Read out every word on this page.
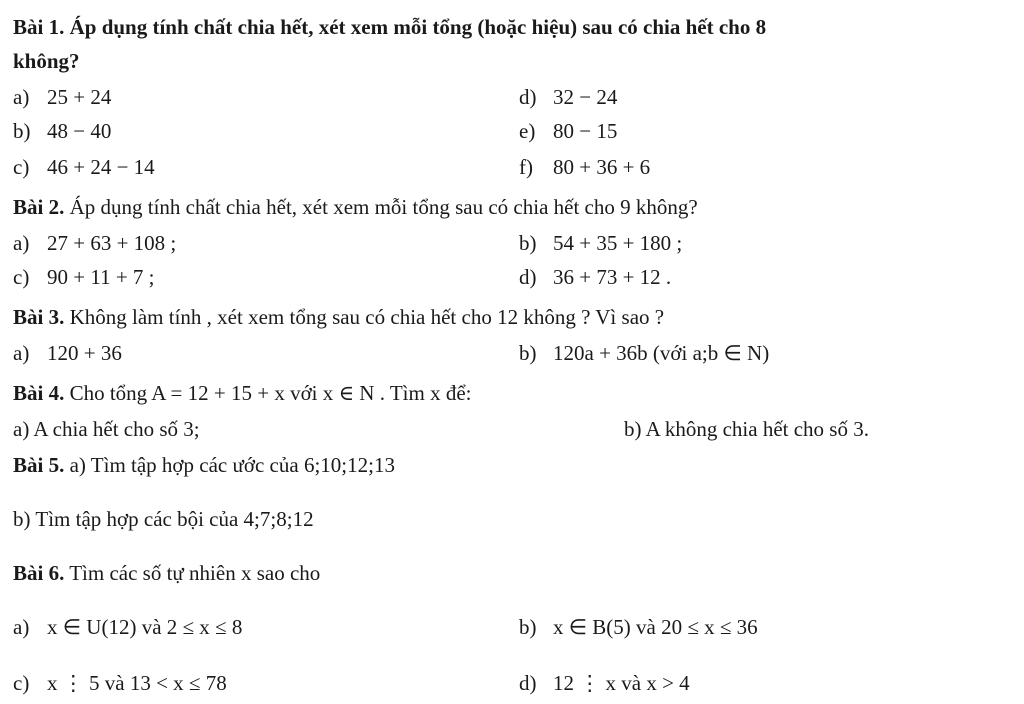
Bài 1. Áp dụng tính chất chia hết, xét xem mỗi tổng (hoặc hiệu) sau có chia hết cho 8
không?
a) 25 + 24	d) 32 − 24
b) 48 − 40	e) 80 − 15
c) 46 + 24 − 14	f) 80 + 36 + 6
Bài 2. Áp dụng tính chất chia hết, xét xem mỗi tổng sau có chia hết cho 9 không?
a) 27 + 63 + 108 ;	b) 54 + 35 + 180 ;
c) 90 + 11 + 7 ;	d) 36 + 73 + 12 .
Bài 3. Không làm tính , xét xem tổng sau có chia hết cho 12 không ? Vì sao ?
a) 120 + 36	b) 120a + 36b (với a;b ∈ N)
Bài 4. Cho tổng A = 12 + 15 + x với x ∈ N . Tìm x để:
a) A chia hết cho số 3;	b) A không chia hết cho số 3.
Bài 5. a) Tìm tập hợp các ước của 6;10;12;13
b) Tìm tập hợp các bội của 4;7;8;12
Bài 6. Tìm các số tự nhiên x sao cho
a) x ∈ U(12) và 2 ≤ x ≤ 8	b) x ∈ B(5) và 20 ≤ x ≤ 36
c) x ⋮ 5 và 13 < x ≤ 78	d) 12 ⋮ x và x > 4
